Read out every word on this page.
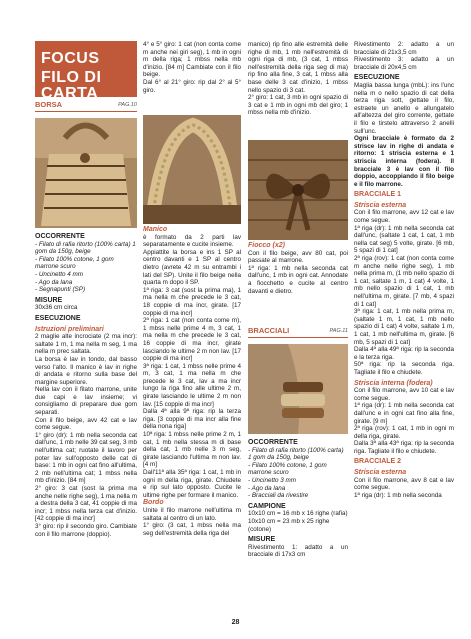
FOCUS
FILO DI CARTA
BORSA	PAG.10

OCCORRENTE

- Filato di rafia ritorto (100% carta) 1 gom da 150g, beige

- Filato 100% cotone, 1 gom marrone scuro

- Uncinetto 4 mm

- Ago da lana

- Segnapunti (SP)

MISURE

30x36 cm circa

ESECUZIONE

Istruzioni preliminari

2 maglie alte incrociate (2 ma incr): saltate 1 m, 1 ma nella m seg, 1 ma nella m prec saltata.

La borsa è lav in tondo, dal basso verso l'alto. Il manico è lav in righe di andata e ritorno sulla base del margine superiore.

Nella lav con il filato marrone, unite due capi e lav insieme; vi consigliamo di preparare due gom separati.

Con il filo beige, avv 42 cat e lav come segue.

1° giro (dr): 1 mb nella seconda cat dall'unc, 1 mb nelle 39 cat seg, 3 mb nell'ultima cat; ruotate il lavoro per poter lav sull'opposto delle cat di base: 1 mb in ogni cat fino all'ultima, 2 mb nell'ultima cat; 1 mbss nella mb d'inizio. [84 m]

2° giro: 3 cat (sost la prima ma anche nelle righe seg), 1 ma nella m a destra della 3 cat, 41 coppie di ma incr; 1 mbss nella terza cat d'inizio. [42 coppie di ma incr]

3° giro: rip il secondo giro. Cambiate con il filo marrone (doppio).

4° e 5° giro: 1 cat (non conta come m anche nei giri seg), 1 mb in ogni m della riga; 1 mbss nella mb d'inizio. [84 m] Cambiate con il filo beige.

Dal 6° al 21° giro: rip dal 2° al 5° giro.

Manico

è formato da 2 parti lav separatamente e cucite insieme.

Appiattite la borsa e ins 1 SP al centro davanti e 1 SP al centro dietro (avrete 42 m su entrambi i lati del SP). Unite il filo beige nella quarta m dopo il SP.

1ª riga: 3 cat (sost la prima ma), 1 ma nella m che precede le 3 cat, 18 coppie di ma incr, girate. [17 coppie di ma incr]

2ª riga: 1 cat (non conta come m), 1 mbss nelle prime 4 m, 3 cat, 1 ma nella m che precede le 3 cat, 16 coppie di ma incr, girate lasciando le ultime 2 m non lav. [17 coppie di ma incr]

3ª riga: 1 cat, 1 mbss nelle prime 4 m, 3 cat, 1 ma nella m che precede le 3 cat, lav a ma incr lungo la riga fino alle ultime 2 m, girate lasciando le ultime 2 m non lav. [15 coppie di ma incr]

Dalla 4ª alla 9ª riga: rip la terza riga. [3 coppie di ma incr alla fine della nona riga]

10ª riga: 1 mbss nelle prime 2 m, 1 cat, 1 mb nella stessa m di base della cat, 1 mb nelle 3 m seg, girate lasciando l'ultima m non lav. [4 m]

Dall'11ª alla 35ª riga: 1 cat, 1 mb in ogni m della riga, girate. Chiudete e rip sul lato opposto. Cucite le ultime righe per formare il manico.

Bordo

Unite il filo marrone nell'ultima m saltata al centro di un lato.

1° giro: (3 cat, 1 mbss nella ma seg dell'estremità della riga del

manico) rip fino alle estremità delle righe di mb, 1 mb nell'estremità di ogni riga di mb, (3 cat, 1 mbss nell'estremità della riga seg di ma) rip fino alla fine, 3 cat, 1 mbss alla base delle 3 cat d'inizio, 1 mbss nello spazio di 3 cat.

2° giro: 1 cat, 3 mb in ogni spazio di 3 cat e 1 mb in ogni mb del giro; 1 mbss nella mb d'inizio.

Fiocco (x2)

Con il filo beige, avv 80 cat, poi passate al marrone.

1ª riga: 1 mb nella seconda cat dall'unc, 1 mb in ogni cat. Annodate a fiocchetto e cucite al centro davanti e dietro.

BRACCIALI	PAG.11

OCCORRENTE

- Filato di rafia ritorto (100% carta) 1 gom da 150g, beige

- Filato 100% cotone, 1 gom marrone scuro

- Uncinetto 3 mm

- Ago da lana

- Bracciali da rivestire

CAMPIONE

10x10 cm = 16 mb x 16 righe (rafia)

10x10 cm = 23 mb x 25 righe (cotone)

MISURE

Rivestimento 1: adatto a un bracciale di 17x3 cm

Rivestimento 2: adatto a un bracciale di 21x3,5 cm

Rivestimento 3: adatto a un bracciale di 20x4,5 cm

ESECUZIONE

Maglia bassa lunga (mbL): ins l'unc nella m o nello spazio di cat della terza riga sott, gettate il filo, estraete un anello e allungatelo all'altezza del giro corrente, gettate il filo e tirstelo attraverso 2 anelli sull'unc.

Ogni bracciale è formato da 2 strisce lav in righe di andata e ritorno: 1 striscia esterna e 1 striscia interna (fodera). Il bracciale 3 è lav con il filo doppio, accoppiando il filo beige e il filo marrone.

BRACCIALE 1

Striscia esterna

Con il filo marrone, avv 12 cat e lav come segue.

1ª riga (dr): 1 mb nella seconda cat dall'unc, (saltate 1 cat, 1 cat, 1 mb nella cat seg) 5 volte, girate. [6 mb, 5 spazi di 1 cat]

2ª riga (rov): 1 cat (non conta come m anche nelle righe seg), 1 mb nella prima m, (1 mb nello spazio di 1 cat, saltate 1 m, 1 cat) 4 volte, 1 mb nello spazio di 1 cat, 1 mb nell'ultima m, girate. [7 mb, 4 spazi di 1 cat]

3ª riga: 1 cat, 1 mb nella prima m, (saltate 1 m, 1 cat, 1 mb nello spazio di 1 cat) 4 volte, saltate 1 m, 1 cat, 1 mb nell'ultima m, girate. [6 mb, 5 spazi di 1 cat]

Dalla 4ª alla 49ª riga: rip la seconda e la terza riga.

50ª riga: rip la seconda riga. Tagliate il filo e chiudete.

Striscia interna (fodera)

Con il filo marrone, avv 10 cat e lav come segue.

1ª riga (dr): 1 mb nella seconda cat dall'unc e in ogni cat fino alla fine, girate. [9 m]

2ª riga (rov): 1 cat, 1 mb in ogni m della riga, girate.

Dalla 3ª alla 43ª riga: rip la seconda riga. Tagliate il filo e chiudete.

BRACCIALE 2

Striscia esterna

Con il filo marrone, avv 8 cat e lav come segue.

1ª riga (dr): 1 mb nella seconda

28
